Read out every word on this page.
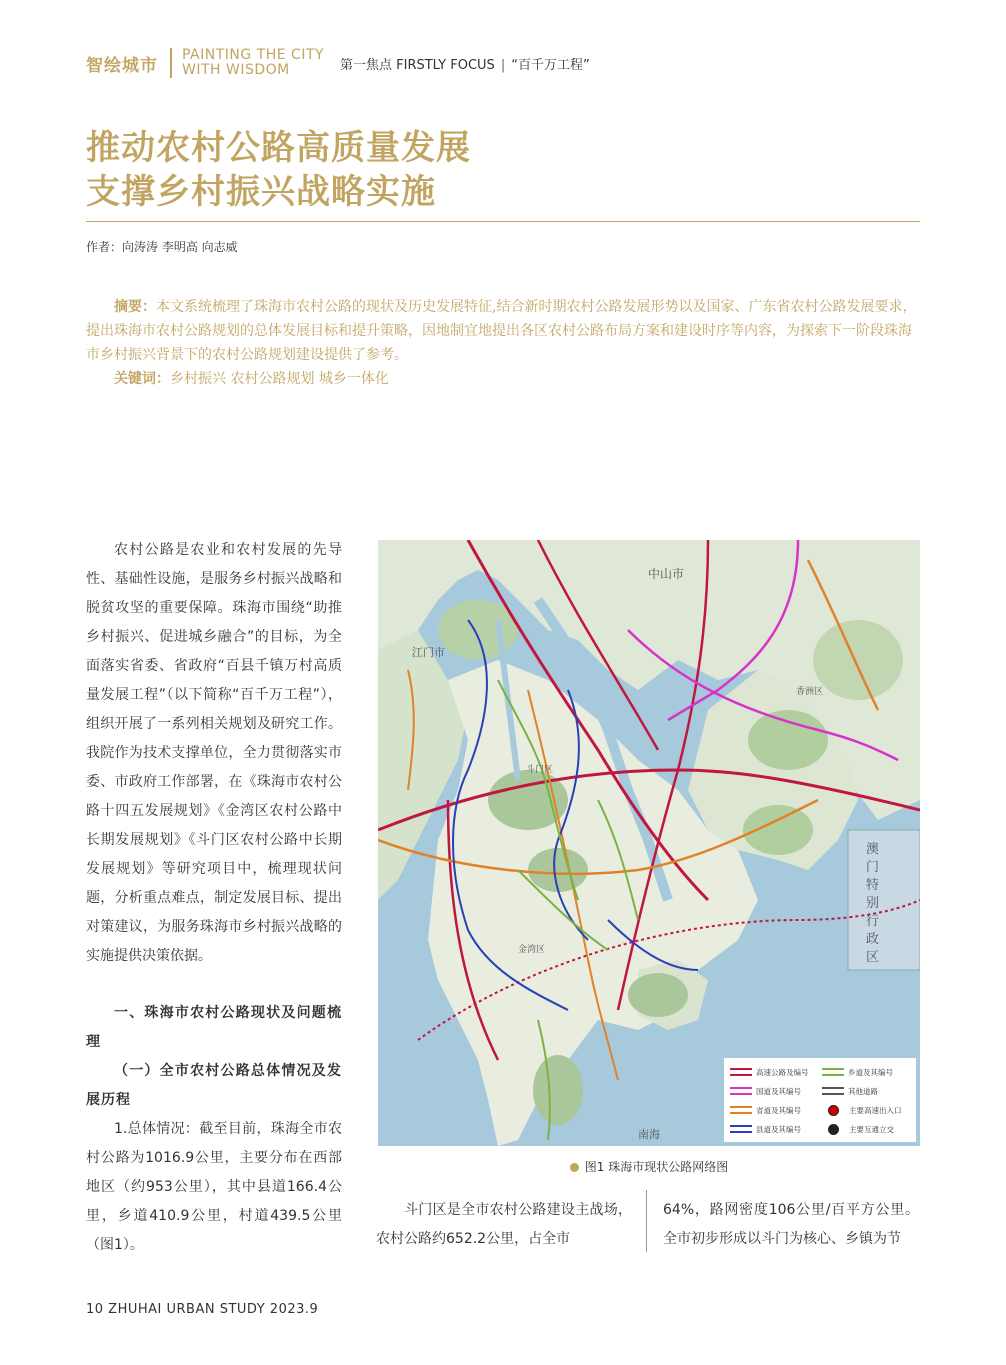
智绘城市
PAINTING THE CITY
WITH WISDOM	第一焦点 FIRSTLY FOCUS | “百千万工程”
推动农村公路高质量发展
支撑乡村振兴战略实施
作者：向涛涛 李明高 向志威

摘要：本文系统梳理了珠海市农村公路的现状及历史发展特征,结合新时期农村公路发展形势以及国家、广东省农村公路发展要求，提出珠海市农村公路规划的总体发展目标和提升策略，因地制宜地提出各区农村公路布局方案和建设时序等内容，为探索下一阶段珠海市乡村振兴背景下的农村公路规划建设提供了参考。

关键词：乡村振兴 农村公路规划 城乡一体化

农村公路是农业和农村发展的先导性、基础性设施，是服务乡村振兴战略和脱贫攻坚的重要保障。珠海市围绕“助推乡村振兴、促进城乡融合”的目标，为全面落实省委、省政府“百县千镇万村高质量发展工程”（以下简称“百千万工程”），组织开展了一系列相关规划及研究工作。我院作为技术支撑单位，全力贯彻落实市委、市政府工作部署，在《珠海市农村公路十四五发展规划》《金湾区农村公路中长期发展规划》《斗门区农村公路中长期发展规划》等研究项目中，梳理现状问题，分析重点难点，制定发展目标、提出对策建议，为服务珠海市乡村振兴战略的实施提供决策依据。

一、珠海市农村公路现状及问题梳理

（一）全市农村公路总体情况及发展历程

1.总体情况：截至目前，珠海全市农村公路为1016.9公里，主要分布在西部地区（约953公里），其中县道166.4公里，乡道410.9公里，村道439.5公里（图1）。

中山市
江门市
香洲区
斗门区
金湾区
南海
澳门特别行政区
高速公路及编号	乡道及其编号
国道及其编号	其他道路
省道及其编号	主要高速出入口
县道及其编号	主要互通立交
图1 珠海市现状公路网络图

斗门区是全市农村公路建设主战场，农村公路约652.2公里，占全市

64%，路网密度106公里/百平方公里。全市初步形成以斗门为核心、乡镇为节

10 ZHUHAI URBAN STUDY 2023.9
